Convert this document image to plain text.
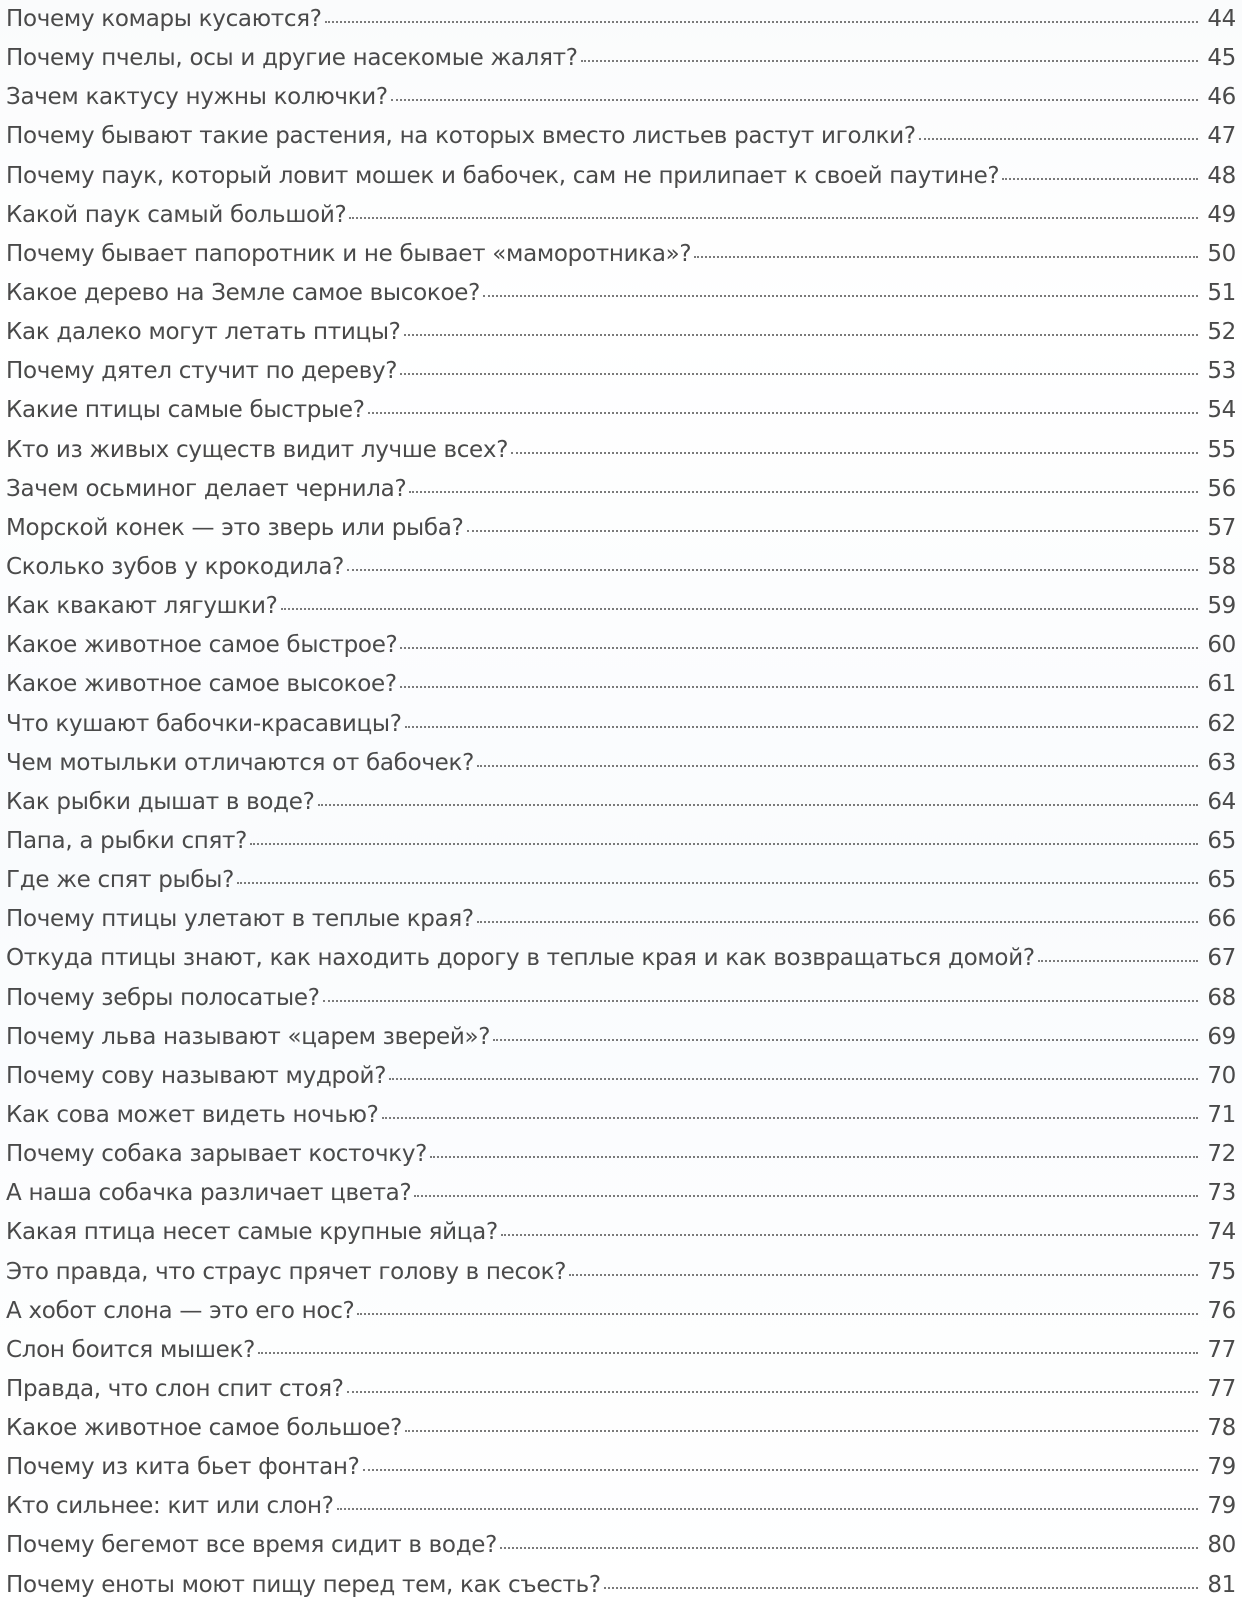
Почему комары кусаются?	44
Почему пчелы, осы и другие насекомые жалят?	45
Зачем кактусу нужны колючки?	46
Почему бывают такие растения, на которых вместо листьев растут иголки?	47
Почему паук, который ловит мошек и бабочек, сам не прилипает к своей паутине?	48
Какой паук самый большой?	49
Почему бывает папоротник и не бывает «маморотника»?	50
Какое дерево на Земле самое высокое?	51
Как далеко могут летать птицы?	52
Почему дятел стучит по дереву?	53
Какие птицы самые быстрые?	54
Кто из живых существ видит лучше всех?	55
Зачем осьминог делает чернила?	56
Морской конек — это зверь или рыба?	57
Сколько зубов у крокодила?	58
Как квакают лягушки?	59
Какое животное самое быстрое?	60
Какое животное самое высокое?	61
Что кушают бабочки-красавицы?	62
Чем мотыльки отличаются от бабочек?	63
Как рыбки дышат в воде?	64
Папа, а рыбки спят?	65
Где же спят рыбы?	65
Почему птицы улетают в теплые края?	66
Откуда птицы знают, как находить дорогу в теплые края и как возвращаться домой?	67
Почему зебры полосатые?	68
Почему льва называют «царем зверей»?	69
Почему сову называют мудрой?	70
Как сова может видеть ночью?	71
Почему собака зарывает косточку?	72
А наша собачка различает цвета?	73
Какая птица несет самые крупные яйца?	74
Это правда, что страус прячет голову в песок?	75
А хобот слона — это его нос?	76
Слон боится мышек?	77
Правда, что слон спит стоя?	77
Какое животное самое большое?	78
Почему из кита бьет фонтан?	79
Кто сильнее: кит или слон?	79
Почему бегемот все время сидит в воде?	80
Почему еноты моют пищу перед тем, как съесть?	81
